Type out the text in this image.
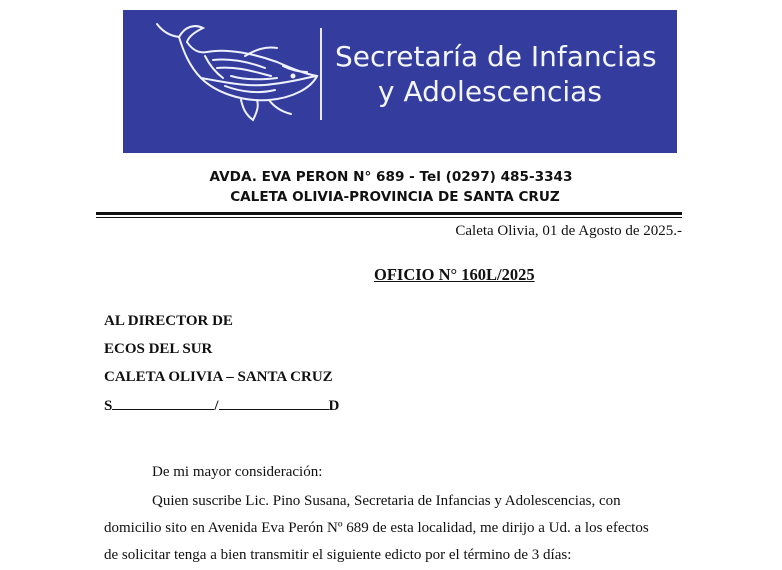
Secretaría de Infancias
y Adolescencias
AVDA. EVA PERON N° 689 - Tel (0297) 485-3343
CALETA OLIVIA-PROVINCIA DE SANTA CRUZ
Caleta Olivia, 01 de Agosto de 2025.-
OFICIO N° 160L/2025
AL DIRECTOR DE
ECOS DEL SUR
CALETA OLIVIA – SANTA CRUZ
S	/	D
De mi mayor consideración:
Quien suscribe Lic. Pino Susana, Secretaria de Infancias y Adolescencias, con
domicilio sito en Avenida Eva Perón Nº 689 de esta localidad, me dirijo a Ud. a los efectos
de solicitar tenga a bien transmitir el siguiente edicto por el término de 3 días:
